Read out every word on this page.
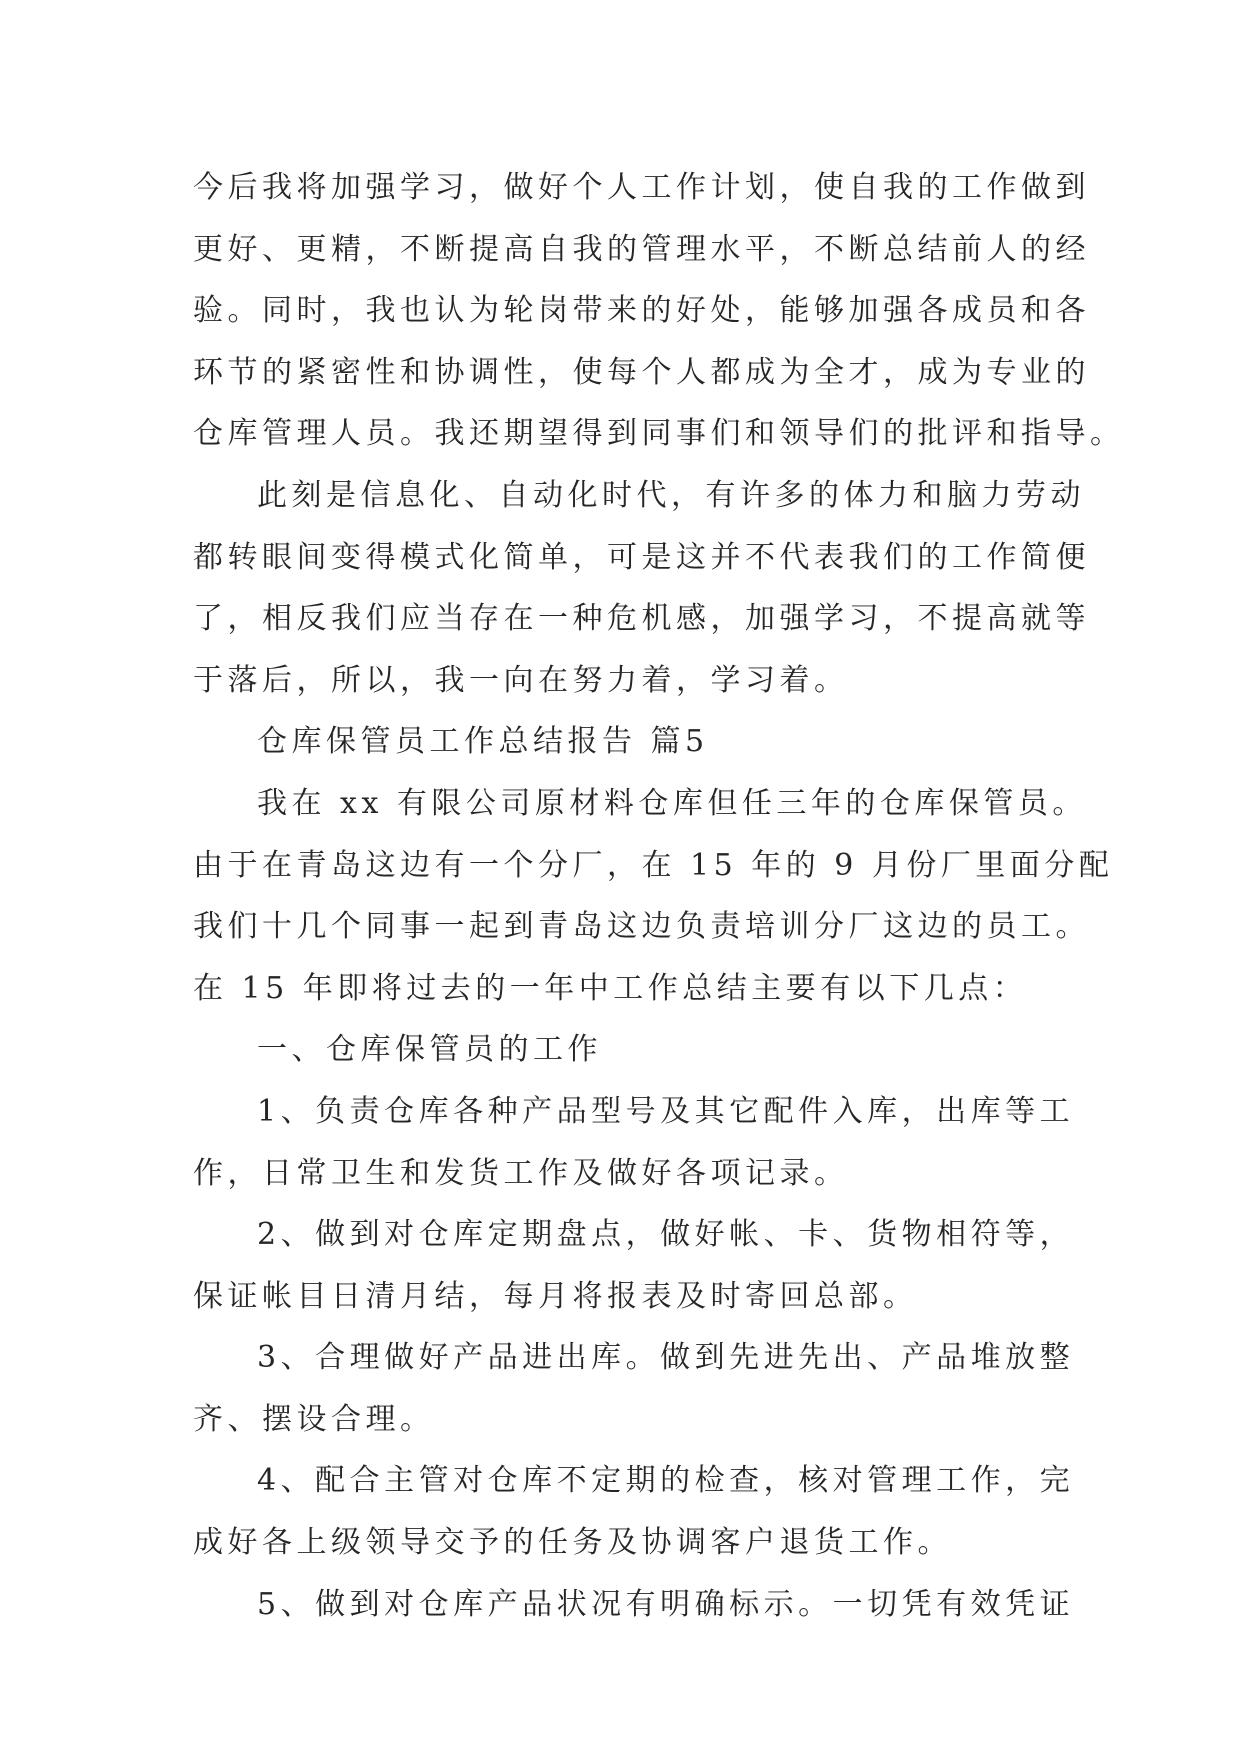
今后我将加强学习，做好个人工作计划，使自我的工作做到
更好、更精，不断提高自我的管理水平，不断总结前人的经
验。同时，我也认为轮岗带来的好处，能够加强各成员和各
环节的紧密性和协调性，使每个人都成为全才，成为专业的
仓库管理人员。我还期望得到同事们和领导们的批评和指导。
此刻是信息化、自动化时代，有许多的体力和脑力劳动
都转眼间变得模式化简单，可是这并不代表我们的工作简便
了，相反我们应当存在一种危机感，加强学习，不提高就等
于落后，所以，我一向在努力着，学习着。
仓库保管员工作总结报告 篇5
我在 xx 有限公司原材料仓库但任三年的仓库保管员。
由于在青岛这边有一个分厂，在 15 年的 9 月份厂里面分配
我们十几个同事一起到青岛这边负责培训分厂这边的员工。
在 15 年即将过去的一年中工作总结主要有以下几点：
一、仓库保管员的工作
1、负责仓库各种产品型号及其它配件入库，出库等工
作，日常卫生和发货工作及做好各项记录。
2、做到对仓库定期盘点，做好帐、卡、货物相符等，
保证帐目日清月结，每月将报表及时寄回总部。
3、合理做好产品进出库。做到先进先出、产品堆放整
齐、摆设合理。
4、配合主管对仓库不定期的检查，核对管理工作，完
成好各上级领导交予的任务及协调客户退货工作。
5、做到对仓库产品状况有明确标示。一切凭有效凭证
